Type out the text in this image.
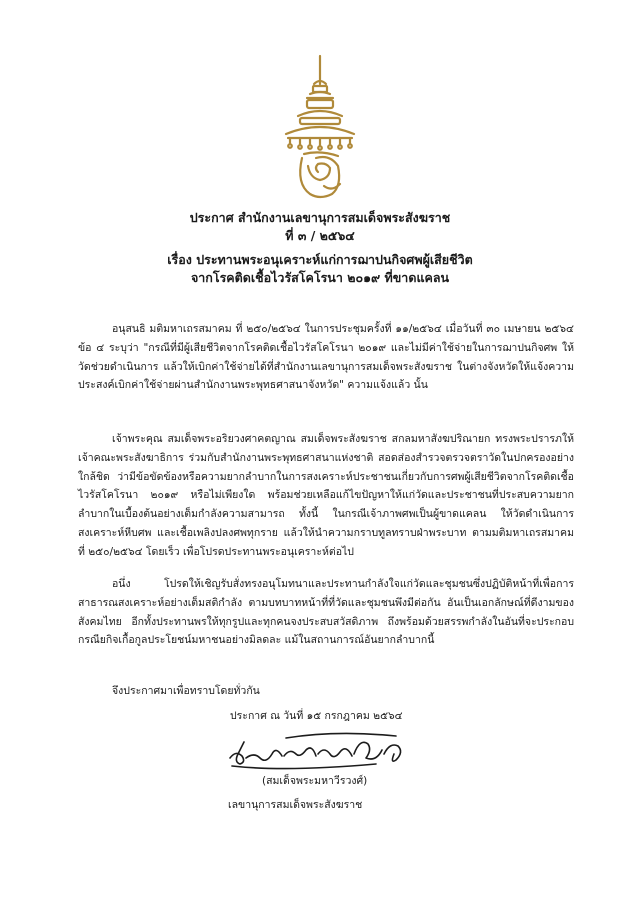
ประกาศ สำนักงานเลขานุการสมเด็จพระสังฆราช
ที่ ๓ / ๒๕๖๔
เรื่อง ประทานพระอนุเคราะห์แก่การฌาปนกิจศพผู้เสียชีวิต
จากโรคติดเชื้อไวรัสโคโรนา ๒๐๑๙ ที่ขาดแคลน
อนุสนธิ มติมหาเถรสมาคม ที่ ๒๕๐/๒๕๖๔ ในการประชุมครั้งที่ ๑๑/๒๕๖๔ เมื่อวันที่ ๓๐ เมษายน ๒๕๖๔ ข้อ ๔ ระบุว่า "กรณีที่มีผู้เสียชีวิตจากโรคติดเชื้อไวรัสโคโรนา ๒๐๑๙ และไม่มีค่าใช้จ่ายในการฌาปนกิจศพ ให้วัดช่วยดำเนินการ แล้วให้เบิกค่าใช้จ่ายได้ที่สำนักงานเลขานุการสมเด็จพระสังฆราช ในต่างจังหวัดให้แจ้งความประสงค์เบิกค่าใช้จ่ายผ่านสำนักงานพระพุทธศาสนาจังหวัด" ความแจ้งแล้ว นั้น
เจ้าพระคุณ สมเด็จพระอริยวงศาคตญาณ สมเด็จพระสังฆราช สกลมหาสังฆปริณายก ทรงพระปรารภให้เจ้าคณะพระสังฆาธิการ ร่วมกับสำนักงานพระพุทธศาสนาแห่งชาติ สอดส่องสำรวจตรวจตราวัดในปกครองอย่างใกล้ชิด ว่ามีข้อขัดข้องหรือความยากลำบากในการสงเคราะห์ประชาชนเกี่ยวกับการศพผู้เสียชีวิตจากโรคติดเชื้อไวรัสโคโรนา ๒๐๑๙ หรือไม่เพียงใด พร้อมช่วยเหลือแก้ไขปัญหาให้แก่วัดและประชาชนที่ประสบความยากลำบากในเบื้องต้นอย่างเต็มกำลังความสามารถ ทั้งนี้ ในกรณีเจ้าภาพศพเป็นผู้ขาดแคลน ให้วัดดำเนินการสงเคราะห์หีบศพ และเชื้อเพลิงปลงศพทุกราย แล้วให้นำความกราบทูลทราบฝ่าพระบาท ตามมติมหาเถรสมาคม ที่ ๒๕๐/๒๕๖๔ โดยเร็ว เพื่อโปรดประทานพระอนุเคราะห์ต่อไป
อนึ่ง โปรดให้เชิญรับสั่งทรงอนุโมทนาและประทานกำลังใจแก่วัดและชุมชนซึ่งปฏิบัติหน้าที่เพื่อการสาธารณสงเคราะห์อย่างเต็มสติกำลัง ตามบทบาทหน้าที่ที่วัดและชุมชนพึงมีต่อกัน อันเป็นเอกลักษณ์ที่ดีงามของสังคมไทย อีกทั้งประทานพรให้ทุกรูปและทุกคนจงประสบสวัสดิภาพ ถึงพร้อมด้วยสรรพกำลังในอันที่จะประกอบกรณียกิจเกื้อกูลประโยชน์มหาชนอย่างมิลดละ แม้ในสถานการณ์อันยากลำบากนี้
จึงประกาศมาเพื่อทราบโดยทั่วกัน
ประกาศ ณ วันที่ ๑๕ กรกฎาคม ๒๕๖๔
(สมเด็จพระมหาวีรวงศ์)
เลขานุการสมเด็จพระสังฆราช
